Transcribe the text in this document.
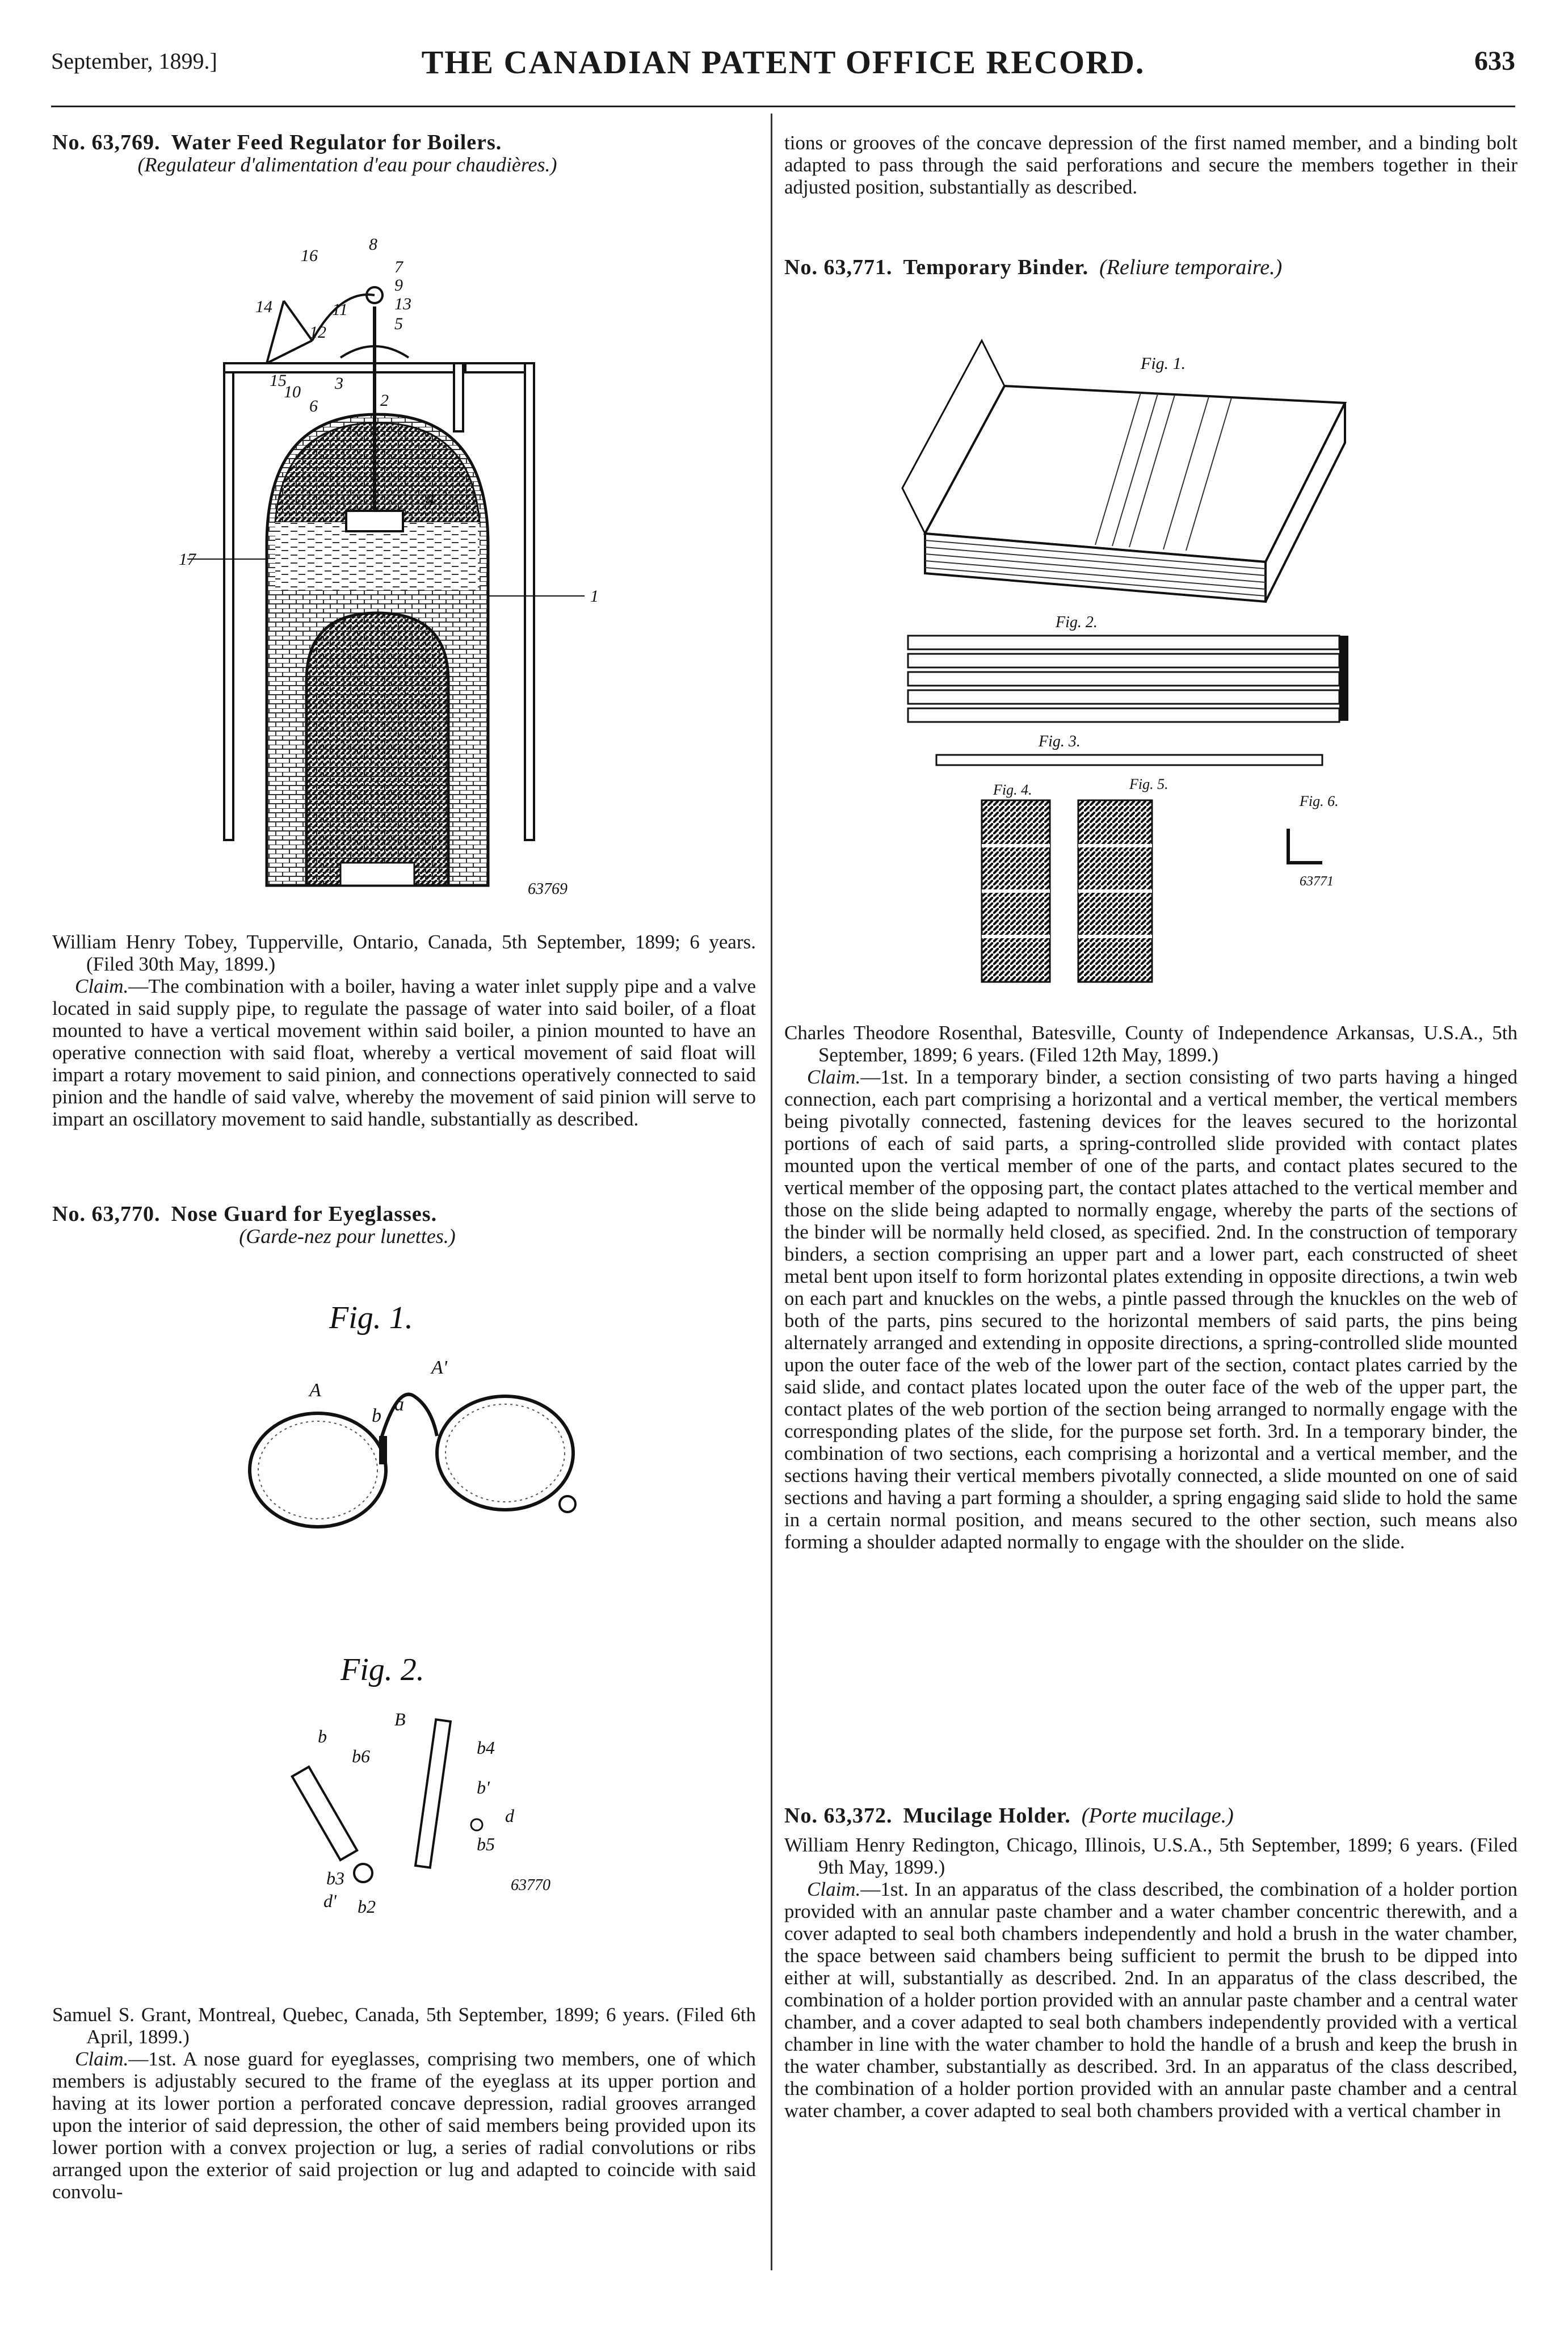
September, 1899.]	THE CANADIAN PATENT OFFICE RECORD.	633

No. 63,769. Water Feed Regulator for Boilers.

(Regulateur d'alimentation d'eau pour chaudières.)

8
7
9
16
14	11
12
13
5
15
10 3
6	2
4
17
1
63769

William Henry Tobey, Tupperville, Ontario, Canada, 5th September, 1899; 6 years. (Filed 30th May, 1899.)

Claim.—The combination with a boiler, having a water inlet supply pipe and a valve located in said supply pipe, to regulate the passage of water into said boiler, of a float mounted to have a vertical movement within said boiler, a pinion mounted to have an operative connection with said float, whereby a vertical movement of said float will impart a rotary movement to said pinion, and connections operatively connected to said pinion and the handle of said valve, whereby the movement of said pinion will serve to impart an oscillatory movement to said handle, substantially as described.

No. 63,770. Nose Guard for Eyeglasses.

(Garde-nez pour lunettes.)

Fig. 1.
A
A'
a
b
Fig. 2.
B
b
b'
b4
d
b5
b3
d' b2
b6
63770

Samuel S. Grant, Montreal, Quebec, Canada, 5th September, 1899; 6 years. (Filed 6th April, 1899.)

Claim.—1st. A nose guard for eyeglasses, comprising two members, one of which members is adjustably secured to the frame of the eyeglass at its upper portion and having at its lower portion a perforated concave depression, radial grooves arranged upon the interior of said depression, the other of said members being provided upon its lower portion with a convex projection or lug, a series of radial convolutions or ribs arranged upon the exterior of said projection or lug and adapted to coincide with said convolu-

tions or grooves of the concave depression of the first named member, and a binding bolt adapted to pass through the said perforations and secure the members together in their adjusted position, substantially as described.

No. 63,771. Temporary Binder. (Reliure temporaire.)

Fig. 1.
Fig. 2.
Fig. 3.
Fig. 4.	Fig. 5.
Fig. 6.
63771

Charles Theodore Rosenthal, Batesville, County of Independence Arkansas, U.S.A., 5th September, 1899; 6 years. (Filed 12th May, 1899.)

Claim.—1st. In a temporary binder, a section consisting of two parts having a hinged connection, each part comprising a horizontal and a vertical member, the vertical members being pivotally connected, fastening devices for the leaves secured to the horizontal portions of each of said parts, a spring-controlled slide provided with contact plates mounted upon the vertical member of one of the parts, and contact plates secured to the vertical member of the opposing part, the contact plates attached to the vertical member and those on the slide being adapted to normally engage, whereby the parts of the sections of the binder will be normally held closed, as specified. 2nd. In the construction of temporary binders, a section comprising an upper part and a lower part, each constructed of sheet metal bent upon itself to form horizontal plates extending in opposite directions, a twin web on each part and knuckles on the webs, a pintle passed through the knuckles on the web of both of the parts, pins secured to the horizontal members of said parts, the pins being alternately arranged and extending in opposite directions, a spring-controlled slide mounted upon the outer face of the web of the lower part of the section, contact plates carried by the said slide, and contact plates located upon the outer face of the web of the upper part, the contact plates of the web portion of the section being arranged to normally engage with the corresponding plates of the slide, for the purpose set forth. 3rd. In a temporary binder, the combination of two sections, each comprising a horizontal and a vertical member, and the sections having their vertical members pivotally connected, a slide mounted on one of said sections and having a part forming a shoulder, a spring engaging said slide to hold the same in a certain normal position, and means secured to the other section, such means also forming a shoulder adapted normally to engage with the shoulder on the slide.

No. 63,372. Mucilage Holder. (Porte mucilage.)

William Henry Redington, Chicago, Illinois, U.S.A., 5th September, 1899; 6 years. (Filed 9th May, 1899.)

Claim.—1st. In an apparatus of the class described, the combination of a holder portion provided with an annular paste chamber and a water chamber concentric therewith, and a cover adapted to seal both chambers independently and hold a brush in the water chamber, the space between said chambers being sufficient to permit the brush to be dipped into either at will, substantially as described. 2nd. In an apparatus of the class described, the combination of a holder portion provided with an annular paste chamber and a central water chamber, and a cover adapted to seal both chambers independently provided with a vertical chamber in line with the water chamber to hold the handle of a brush and keep the brush in the water chamber, substantially as described. 3rd. In an apparatus of the class described, the combination of a holder portion provided with an annular paste chamber and a central water chamber, a cover adapted to seal both chambers provided with a vertical chamber in
